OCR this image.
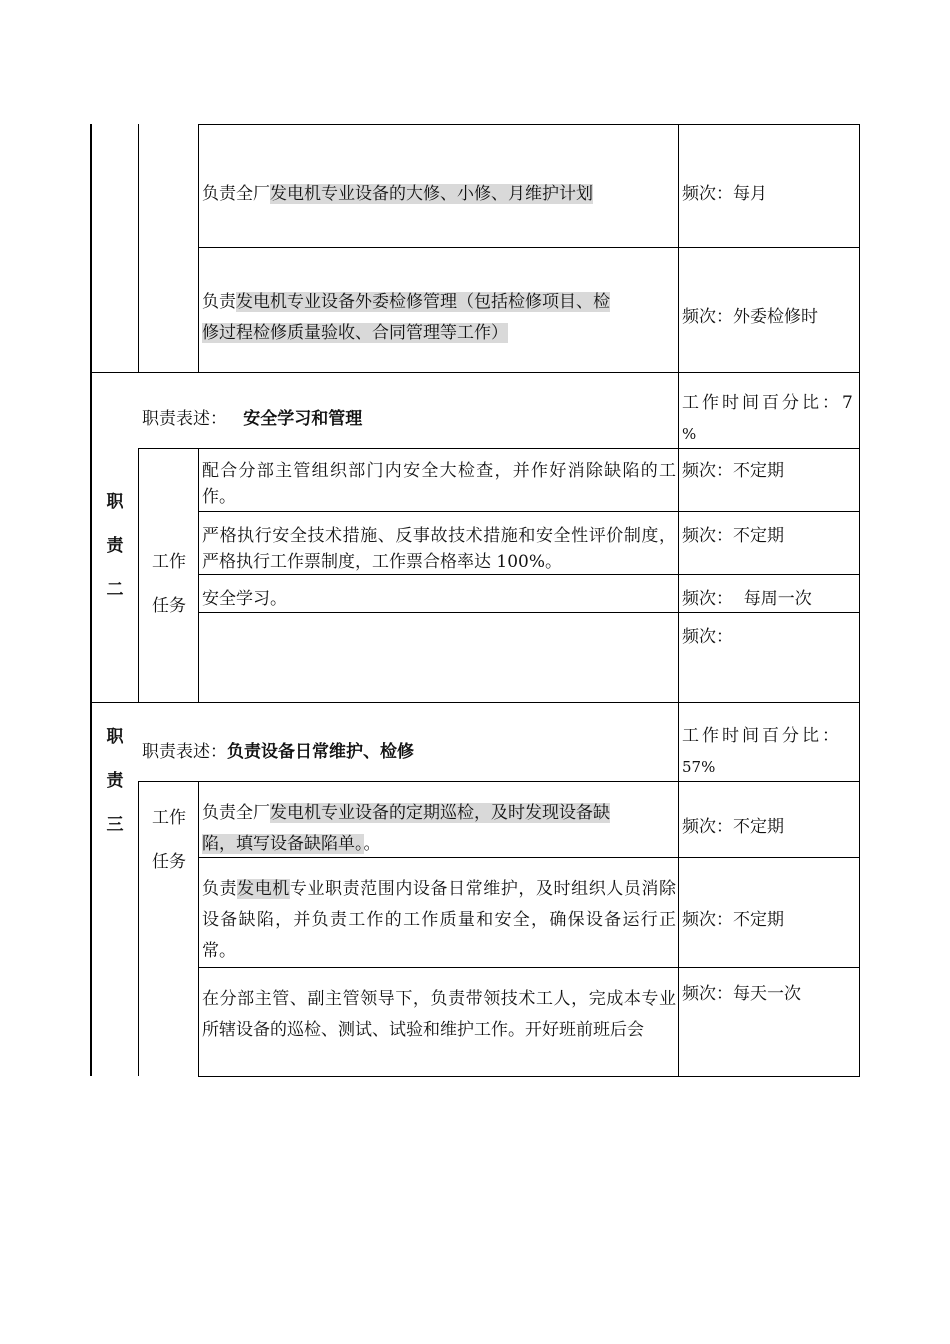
负责全厂发电机专业设备的大修、小修、月维护计划	频次：每月
负责发电机专业设备外委检修管理（包括检修项目、检
修过程检修质量验收、合同管理等工作）
频次：外委检修时
职
责
二
职责表述： 安全学习和管理
工作时间百分比：7
%
工作
任务
配合分部主管组织部门内安全大检查，并作好消除缺陷的工作。
频次：不定期
严格执行安全技术措施、反事故技术措施和安全性评价制度，严格执行工作票制度，工作票合格率达 100%。
频次：不定期
安全学习。	频次：  每周一次
频次：
职
责
三
职责表述：负责设备日常维护、检修
工作时间百分比：
57%
工作
任务
负责全厂发电机专业设备的定期巡检，及时发现设备缺
陷，填写设备缺陷单。。
频次：不定期
负责发电机专业职责范围内设备日常维护，及时组织人员消除设备缺陷，并负责工作的工作质量和安全，确保设备运行正常。
频次：不定期
在分部主管、副主管领导下，负责带领技术工人，完成本专业所辖设备的巡检、测试、试验和维护工作。开好班前班后会
频次：每天一次
